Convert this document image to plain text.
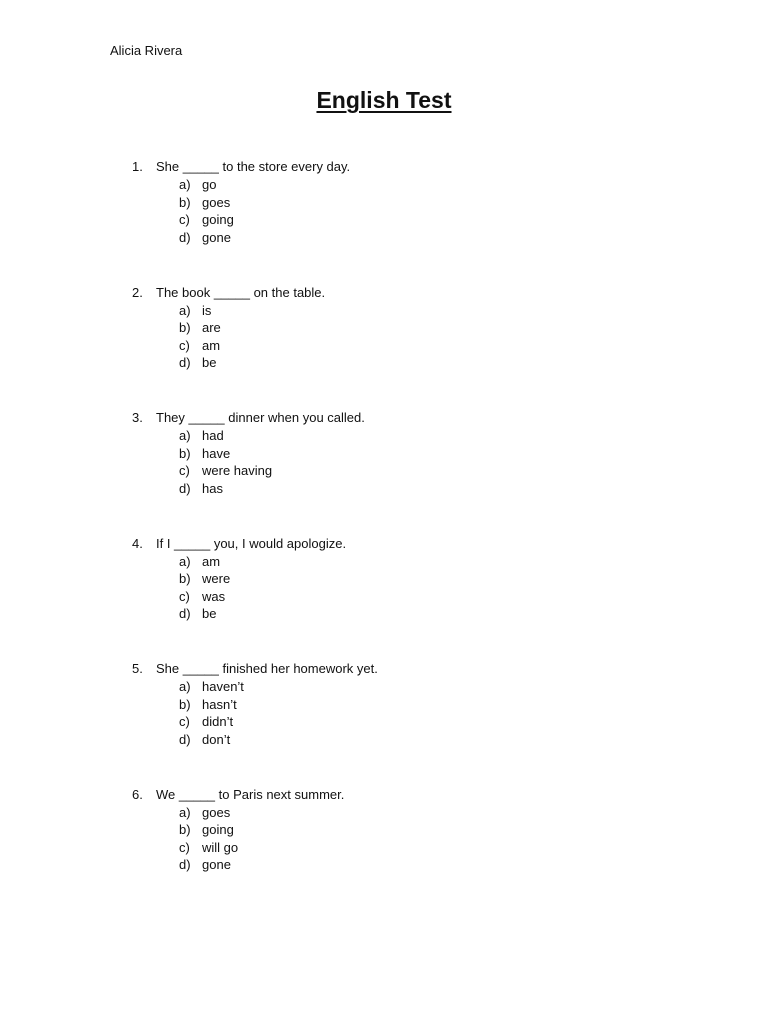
Alicia Rivera
English Test
1.	She _____ to the store every day.
a) go
b) goes
c) going
d) gone
2.	The book _____ on the table.
a) is
b) are
c) am
d) be
3.	They _____ dinner when you called.
a) had
b) have
c) were having
d) has
4.	If I _____ you, I would apologize.
a) am
b) were
c) was
d) be
5.	She _____ finished her homework yet.
a) haven’t
b) hasn’t
c) didn’t
d) don’t
6.	We _____ to Paris next summer.
a) goes
b) going
c) will go
d) gone
